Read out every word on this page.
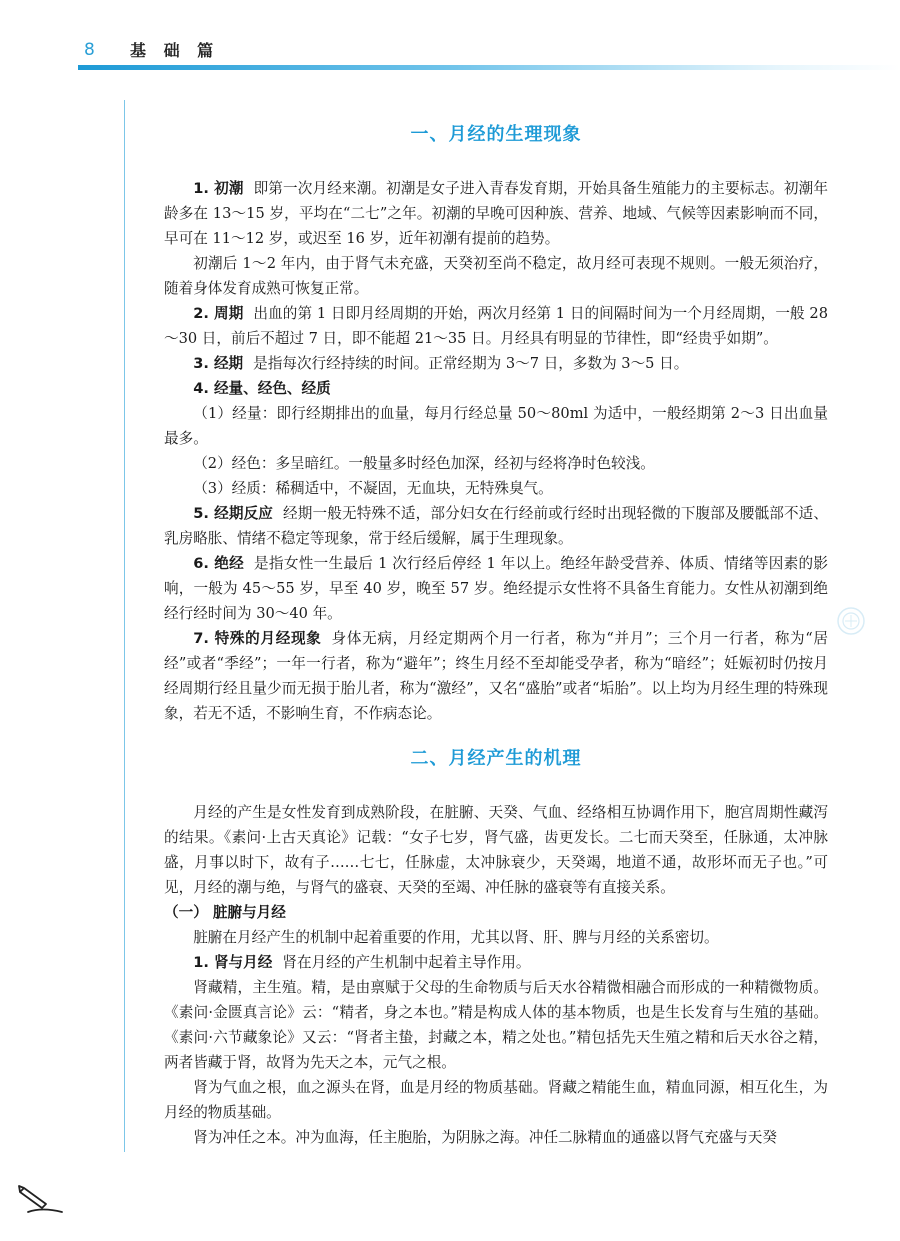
8 基 础 篇
一、月经的生理现象

1. 初潮 即第一次月经来潮。初潮是女子进入青春发育期，开始具备生殖能力的主要标志。初潮年龄多在 13～15 岁，平均在“二七”之年。初潮的早晚可因种族、营养、地域、气候等因素影响而不同，早可在 11～12 岁，或迟至 16 岁，近年初潮有提前的趋势。

初潮后 1～2 年内，由于肾气未充盛，天癸初至尚不稳定，故月经可表现不规则。一般无须治疗，随着身体发育成熟可恢复正常。

2. 周期 出血的第 1 日即月经周期的开始，两次月经第 1 日的间隔时间为一个月经周期，一般 28～30 日，前后不超过 7 日，即不能超 21～35 日。月经具有明显的节律性，即“经贵乎如期”。

3. 经期 是指每次行经持续的时间。正常经期为 3～7 日，多数为 3～5 日。

4. 经量、经色、经质

（1）经量：即行经期排出的血量，每月行经总量 50～80ml 为适中，一般经期第 2～3 日出血量最多。

（2）经色：多呈暗红。一般量多时经色加深，经初与经将净时色较浅。

（3）经质：稀稠适中，不凝固，无血块，无特殊臭气。

5. 经期反应 经期一般无特殊不适，部分妇女在行经前或行经时出现轻微的下腹部及腰骶部不适、乳房略胀、情绪不稳定等现象，常于经后缓解，属于生理现象。

6. 绝经 是指女性一生最后 1 次行经后停经 1 年以上。绝经年龄受营养、体质、情绪等因素的影响，一般为 45～55 岁，早至 40 岁，晚至 57 岁。绝经提示女性将不具备生育能力。女性从初潮到绝经行经时间为 30～40 年。

7. 特殊的月经现象 身体无病，月经定期两个月一行者，称为“并月”；三个月一行者，称为“居经”或者“季经”；一年一行者，称为“避年”；终生月经不至却能受孕者，称为“暗经”；妊娠初时仍按月经周期行经且量少而无损于胎儿者，称为“激经”，又名“盛胎”或者“垢胎”。以上均为月经生理的特殊现象，若无不适，不影响生育，不作病态论。

二、月经产生的机理

月经的产生是女性发育到成熟阶段，在脏腑、天癸、气血、经络相互协调作用下，胞宫周期性藏泻的结果。《素问·上古天真论》记载：“女子七岁，肾气盛，齿更发长。二七而天癸至，任脉通，太冲脉盛，月事以时下，故有子……七七，任脉虚，太冲脉衰少，天癸竭，地道不通，故形坏而无子也。”可见，月经的潮与绝，与肾气的盛衰、天癸的至竭、冲任脉的盛衰等有直接关系。

（一） 脏腑与月经

脏腑在月经产生的机制中起着重要的作用，尤其以肾、肝、脾与月经的关系密切。

1. 肾与月经 肾在月经的产生机制中起着主导作用。

肾藏精，主生殖。精，是由禀赋于父母的生命物质与后天水谷精微相融合而形成的一种精微物质。《素问·金匮真言论》云：“精者，身之本也。”精是构成人体的基本物质，也是生长发育与生殖的基础。《素问·六节藏象论》又云：“肾者主蛰，封藏之本，精之处也。”精包括先天生殖之精和后天水谷之精，两者皆藏于肾，故肾为先天之本，元气之根。

肾为气血之根，血之源头在肾，血是月经的物质基础。肾藏之精能生血，精血同源，相互化生，为月经的物质基础。

肾为冲任之本。冲为血海，任主胞胎，为阴脉之海。冲任二脉精血的通盛以肾气充盛与天癸
